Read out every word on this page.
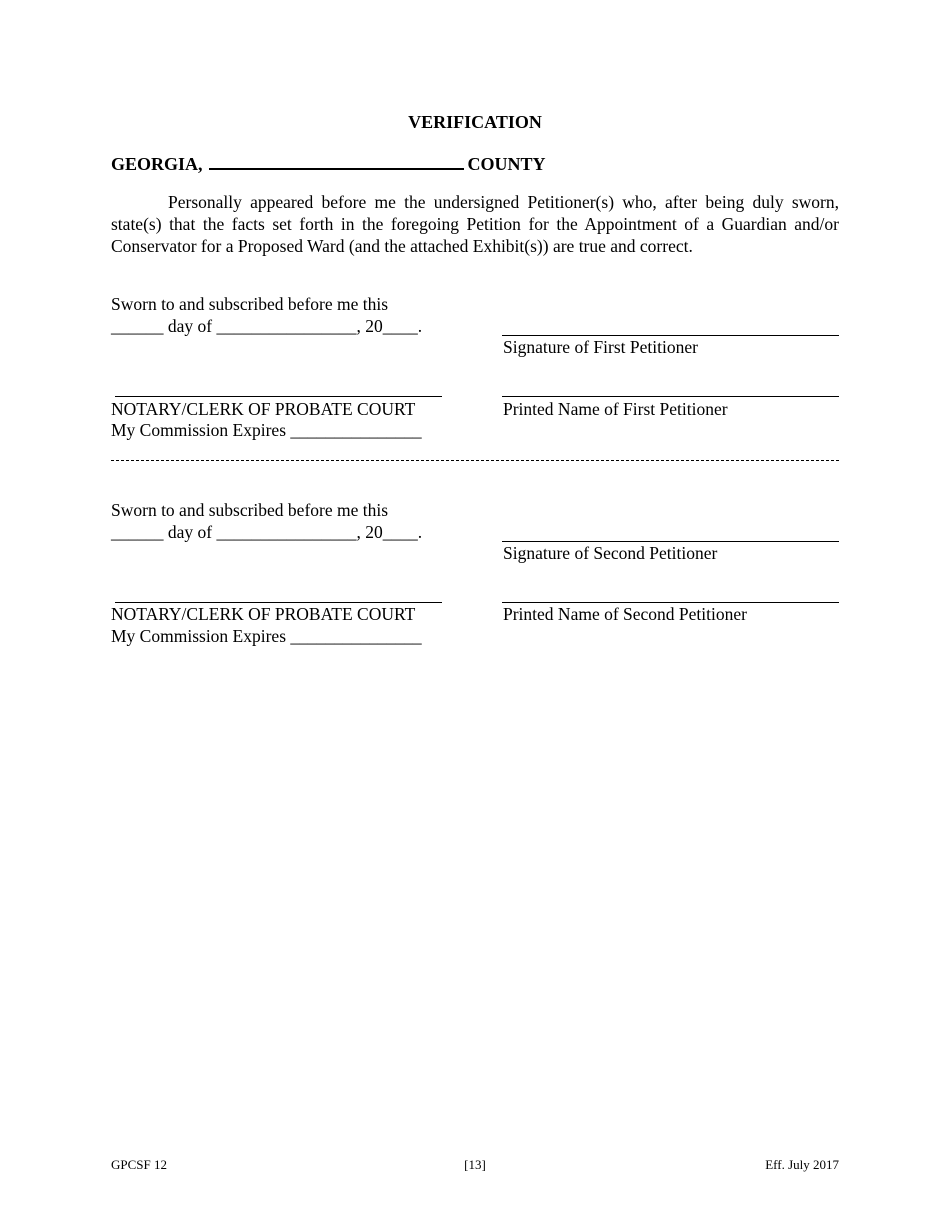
VERIFICATION
GEORGIA,	COUNTY
Personally appeared before me the undersigned Petitioner(s) who, after being duly sworn, state(s) that the facts set forth in the foregoing Petition for the Appointment of a Guardian and/or Conservator for a Proposed Ward (and the attached Exhibit(s)) are true and correct.
Sworn to and subscribed before me this
______ day of ________________, 20____.
Signature of First Petitioner
NOTARY/CLERK OF PROBATE COURT	Printed Name of First Petitioner
My Commission Expires _______________
Sworn to and subscribed before me this
______ day of ________________, 20____.
Signature of Second Petitioner
NOTARY/CLERK OF PROBATE COURT	Printed Name of Second Petitioner
My Commission Expires _______________
GPCSF 12	[13]	Eff. July 2017
